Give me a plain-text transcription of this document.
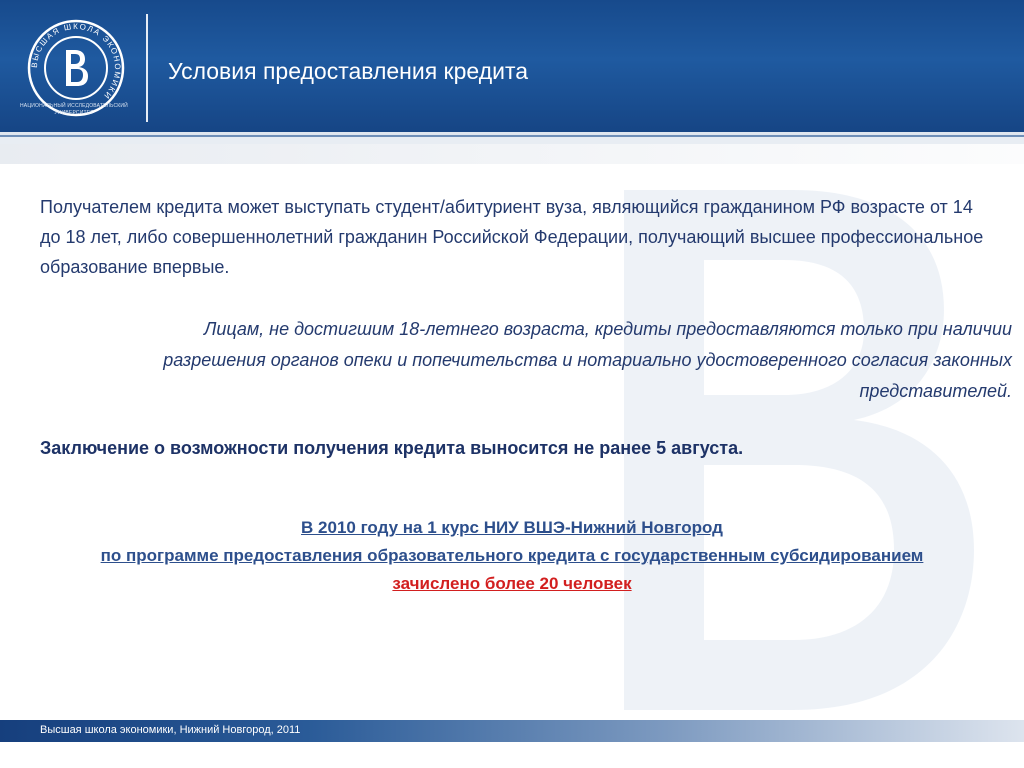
ВЫСШАЯ ШКОЛА ЭКОНОМИКИ
НАЦИОНАЛЬНЫЙ ИССЛЕДОВАТЕЛЬСКИЙ УНИВЕРСИТЕТ
Условия предоставления кредита
Получателем кредита может выступать студент/абитуриент вуза, являющийся гражданином РФ возрасте от 14 до 18 лет, либо совершеннолетний гражданин Российской Федерации, получающий высшее профессиональное образование впервые.
Лицам, не достигшим 18-летнего возраста, кредиты предоставляются только при наличии разрешения органов опеки и попечительства и нотариально удостоверенного согласия законных представителей.
Заключение о возможности получения кредита выносится не ранее 5 августа.
В 2010 году на 1 курс НИУ ВШЭ-Нижний Новгород
по программе предоставления образовательного кредита с государственным субсидированием
зачислено более 20 человек
Высшая школа экономики, Нижний Новгород, 2011
